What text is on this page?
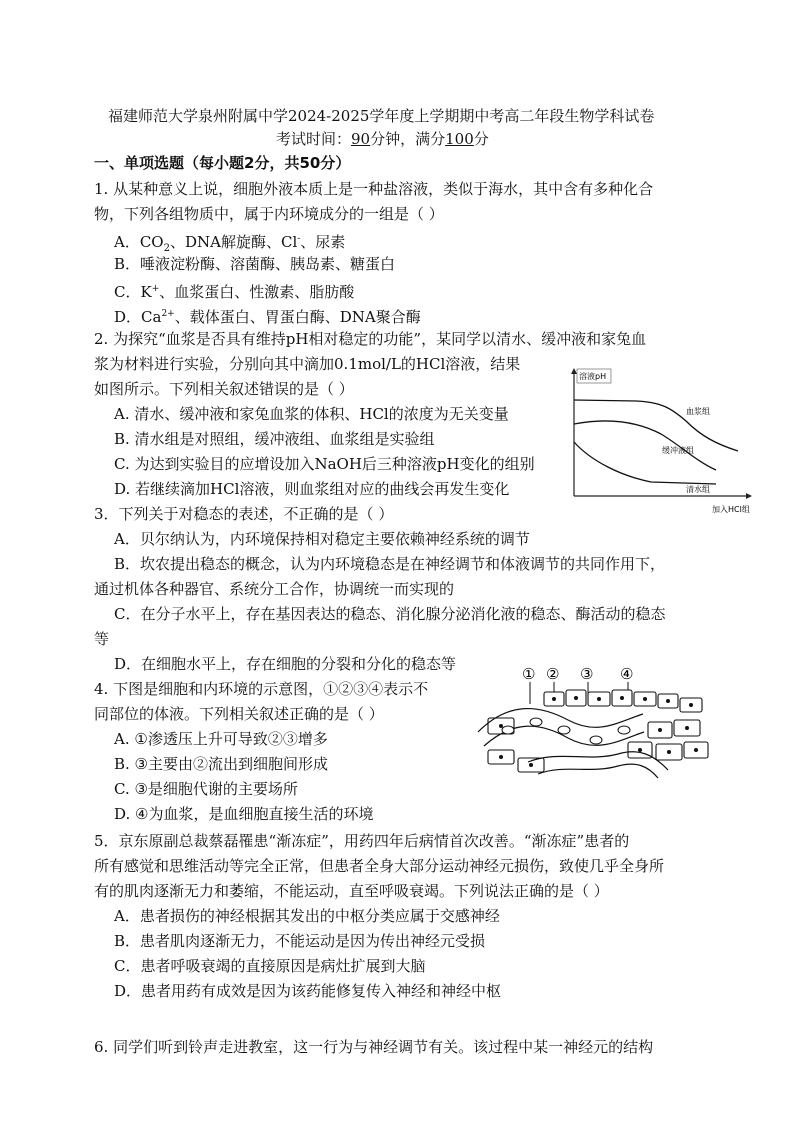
福建师范大学泉州附属中学2024-2025学年度上学期期中考高二年段生物学科试卷
考试时间：90分钟，满分100分
一、单项选题（每小题2分，共50分）
1. 从某种意义上说，细胞外液本质上是一种盐溶液，类似于海水，其中含有多种化合
物，下列各组物质中，属于内环境成分的一组是（ ）
A．$CO_2$、DNA解旋酶、Cl-、尿素
B．唾液淀粉酶、溶菌酶、胰岛素、糖蛋白
C．K+、血浆蛋白、性激素、脂肪酸
D．$Ca^{2+}$、载体蛋白、胃蛋白酶、DNA聚合酶
2. 为探究“血浆是否具有维持pH相对稳定的功能”，某同学以清水、缓冲液和家兔血
浆为材料进行实验，分别向其中滴加0.1mol/L的HCl溶液，结果
如图所示。下列相关叙述错误的是（ ）
A. 清水、缓冲液和家兔血浆的体积、HCl的浓度为无关变量
B. 清水组是对照组，缓冲液组、血浆组是实验组
C. 为达到实验目的应增设加入NaOH后三种溶液pH变化的组别
D. 若继续滴加HCl溶液，则血浆组对应的曲线会再发生变化
溶液pH
血浆组
缓冲液组
清水组
加入HCl组
3．下列关于对稳态的表述，不正确的是（ ）
A．贝尔纳认为，内环境保持相对稳定主要依赖神经系统的调节
B．坎农提出稳态的概念，认为内环境稳态是在神经调节和体液调节的共同作用下，
通过机体各种器官、系统分工合作，协调统一而实现的
C．在分子水平上，存在基因表达的稳态、消化腺分泌消化液的稳态、酶活动的稳态
等
D．在细胞水平上，存在细胞的分裂和分化的稳态等
4. 下图是细胞和内环境的示意图，①②③④表示不
同部位的体液。下列相关叙述正确的是（ ）
A. ①渗透压上升可导致②③增多
B. ③主要由②流出到细胞间形成
C. ③是细胞代谢的主要场所
D. ④为血浆，是血细胞直接生活的环境
① ② ③ ④
5．京东原副总裁蔡磊罹患“渐冻症”，用药四年后病情首次改善。“渐冻症”患者的
所有感觉和思维活动等完全正常，但患者全身大部分运动神经元损伤，致使几乎全身所
有的肌肉逐渐无力和萎缩，不能运动，直至呼吸衰竭。下列说法正确的是（ ）
A．患者损伤的神经根据其发出的中枢分类应属于交感神经
B．患者肌肉逐渐无力，不能运动是因为传出神经元受损
C．患者呼吸衰竭的直接原因是病灶扩展到大脑
D．患者用药有成效是因为该药能修复传入神经和神经中枢
6. 同学们听到铃声走进教室，这一行为与神经调节有关。该过程中某一神经元的结构
